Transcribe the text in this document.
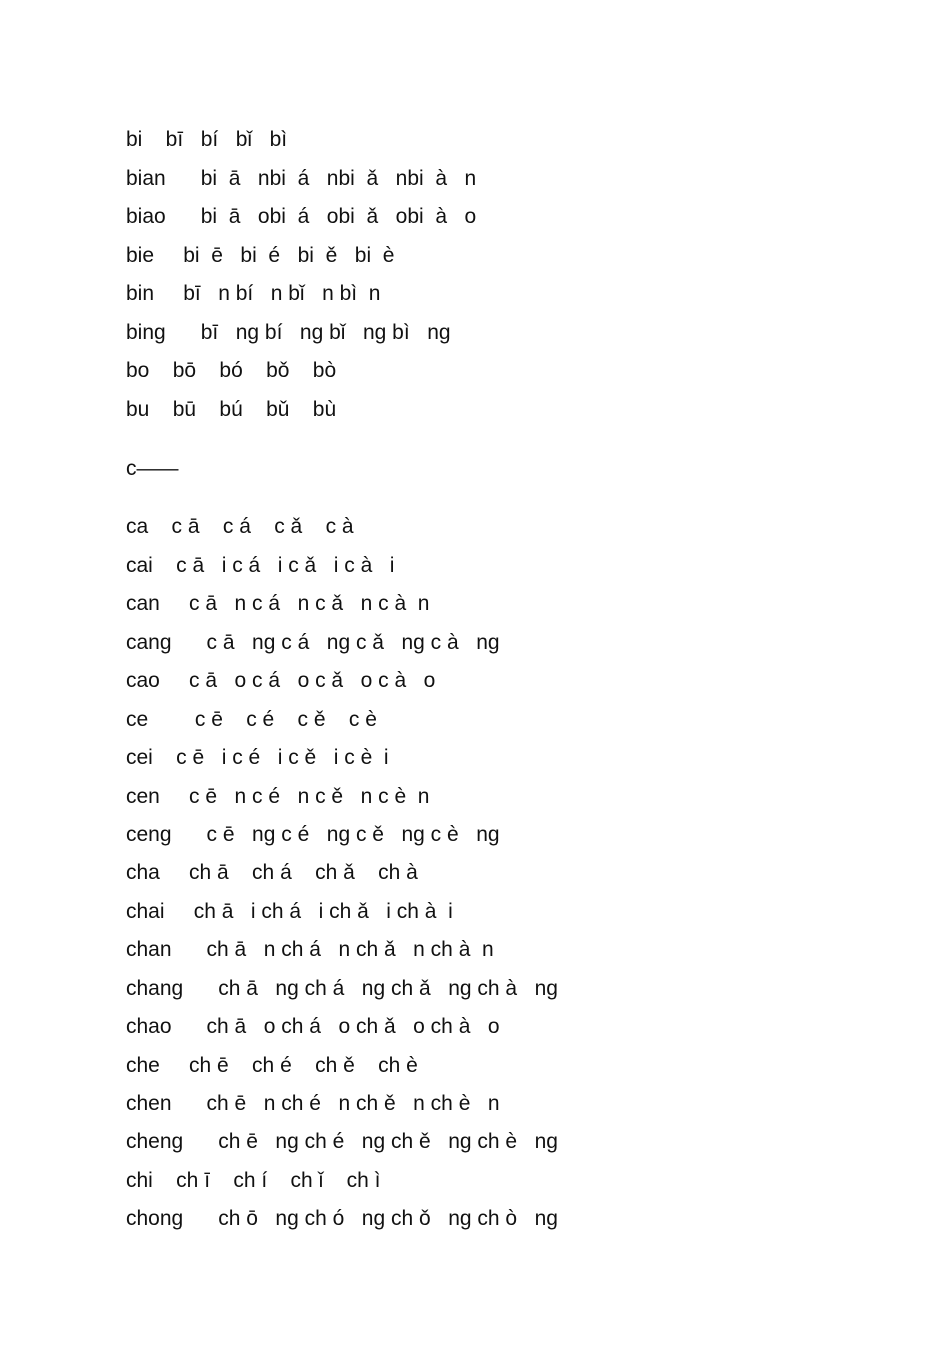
bi    bī   bí   bǐ   bì
bian      bi  ā   nbi  á   nbi  ǎ   nbi  à   n
biao      bi  ā   obi  á   obi  ǎ   obi  à   o
bie     bi  ē   bi  é   bi  ě   bi  è
bin     bī   n bí   n bǐ   n bì  n
bing      bī   ng bí   ng bǐ   ng bì   ng
bo    bō    bó    bǒ    bò
bu    bū    bú    bǔ    bù
c——
ca    c ā    c á    c ǎ    c à
cai    c ā   i c á   i c ǎ   i c à   i
can     c ā   n c á   n c ǎ   n c à  n
cang      c ā   ng c á   ng c ǎ   ng c à   ng
cao     c ā   o c á   o c ǎ   o c à   o
ce        c ē    c é    c ě    c è
cei    c ē   i c é   i c ě   i c è  i
cen     c ē   n c é   n c ě   n c è  n
ceng      c ē   ng c é   ng c ě   ng c è   ng
cha     ch ā    ch á    ch ǎ    ch à
chai     ch ā   i ch á   i ch ǎ   i ch à  i
chan      ch ā   n ch á   n ch ǎ   n ch à  n
chang      ch ā   ng ch á   ng ch ǎ   ng ch à   ng
chao      ch ā   o ch á   o ch ǎ   o ch à   o
che     ch ē    ch é    ch ě    ch è
chen      ch ē   n ch é   n ch ě   n ch è   n
cheng      ch ē   ng ch é   ng ch ě   ng ch è   ng
chi    ch ī    ch í    ch ǐ    ch ì
chong      ch ō   ng ch ó   ng ch ǒ   ng ch ò   ng
